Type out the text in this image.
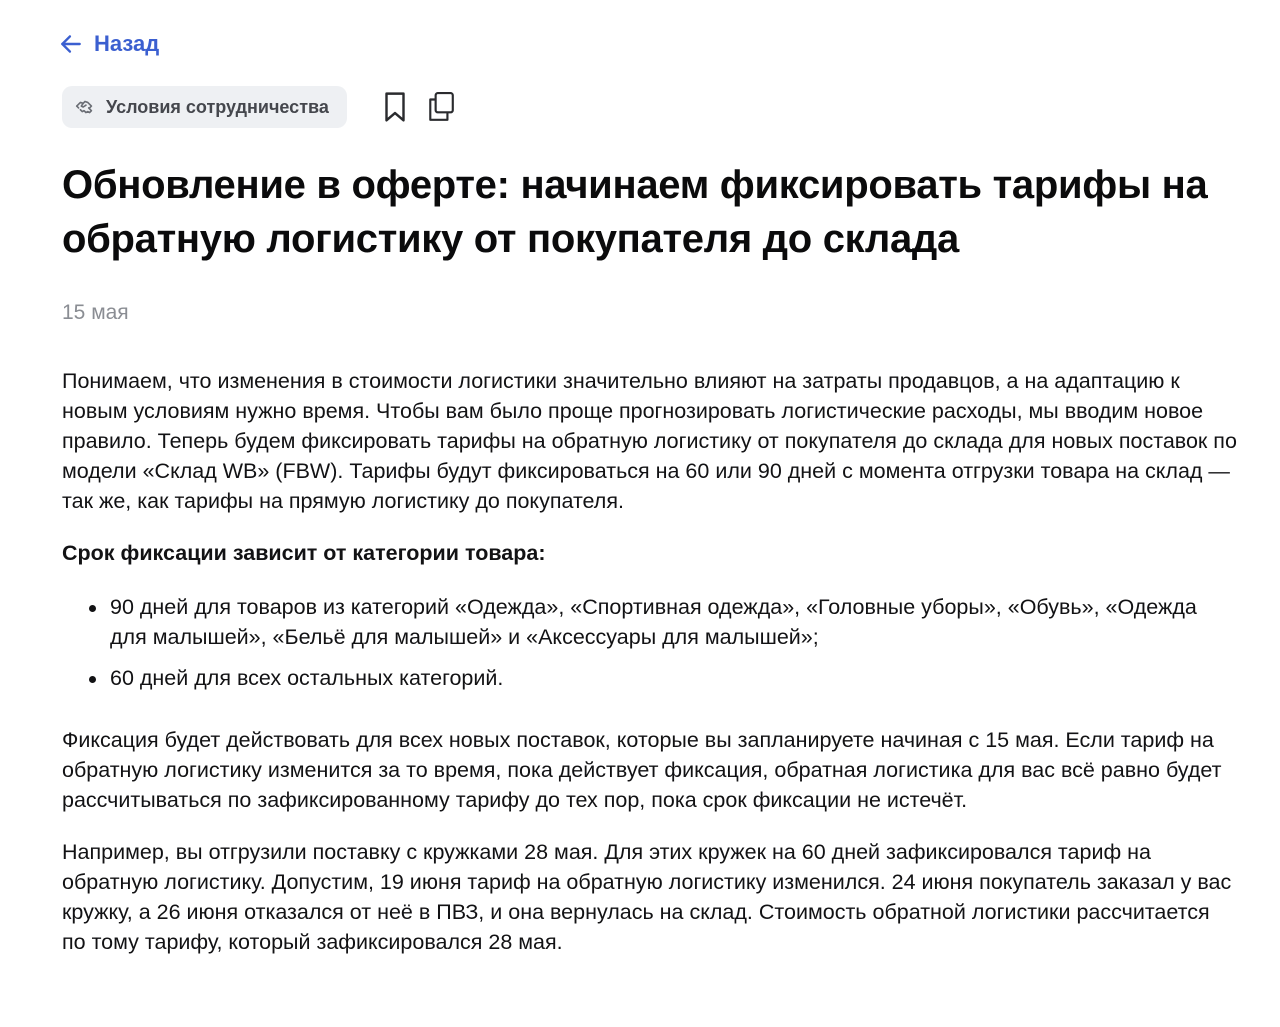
Назад
Условия сотрудничества
Обновление в оферте: начинаем фиксировать тарифы на обратную логистику от покупателя до склада
15 мая

Понимаем, что изменения в стоимости логистики значительно влияют на затраты продавцов, а на адаптацию к новым условиям нужно время. Чтобы вам было проще прогнозировать логистические расходы, мы вводим новое правило. Теперь будем фиксировать тарифы на обратную логистику от покупателя до склада для новых поставок по модели «Склад WB» (FBW). Тарифы будут фиксироваться на 60 или 90 дней с момента отгрузки товара на склад — так же, как тарифы на прямую логистику до покупателя.

Срок фиксации зависит от категории товара:

90 дней для товаров из категорий «Одежда», «Спортивная одежда», «Головные уборы», «Обувь», «Одежда для малышей», «Бельё для малышей» и «Аксессуары для малышей»;
60 дней для всех остальных категорий.

Фиксация будет действовать для всех новых поставок, которые вы запланируете начиная с 15 мая. Если тариф на обратную логистику изменится за то время, пока действует фиксация, обратная логистика для вас всё равно будет рассчитываться по зафиксированному тарифу до тех пор, пока срок фиксации не истечёт.

Например, вы отгрузили поставку с кружками 28 мая. Для этих кружек на 60 дней зафиксировался тариф на обратную логистику. Допустим, 19 июня тариф на обратную логистику изменился. 24 июня покупатель заказал у вас кружку, а 26 июня отказался от неё в ПВЗ, и она вернулась на склад. Стоимость обратной логистики рассчитается по тому тарифу, который зафиксировался 28 мая.
